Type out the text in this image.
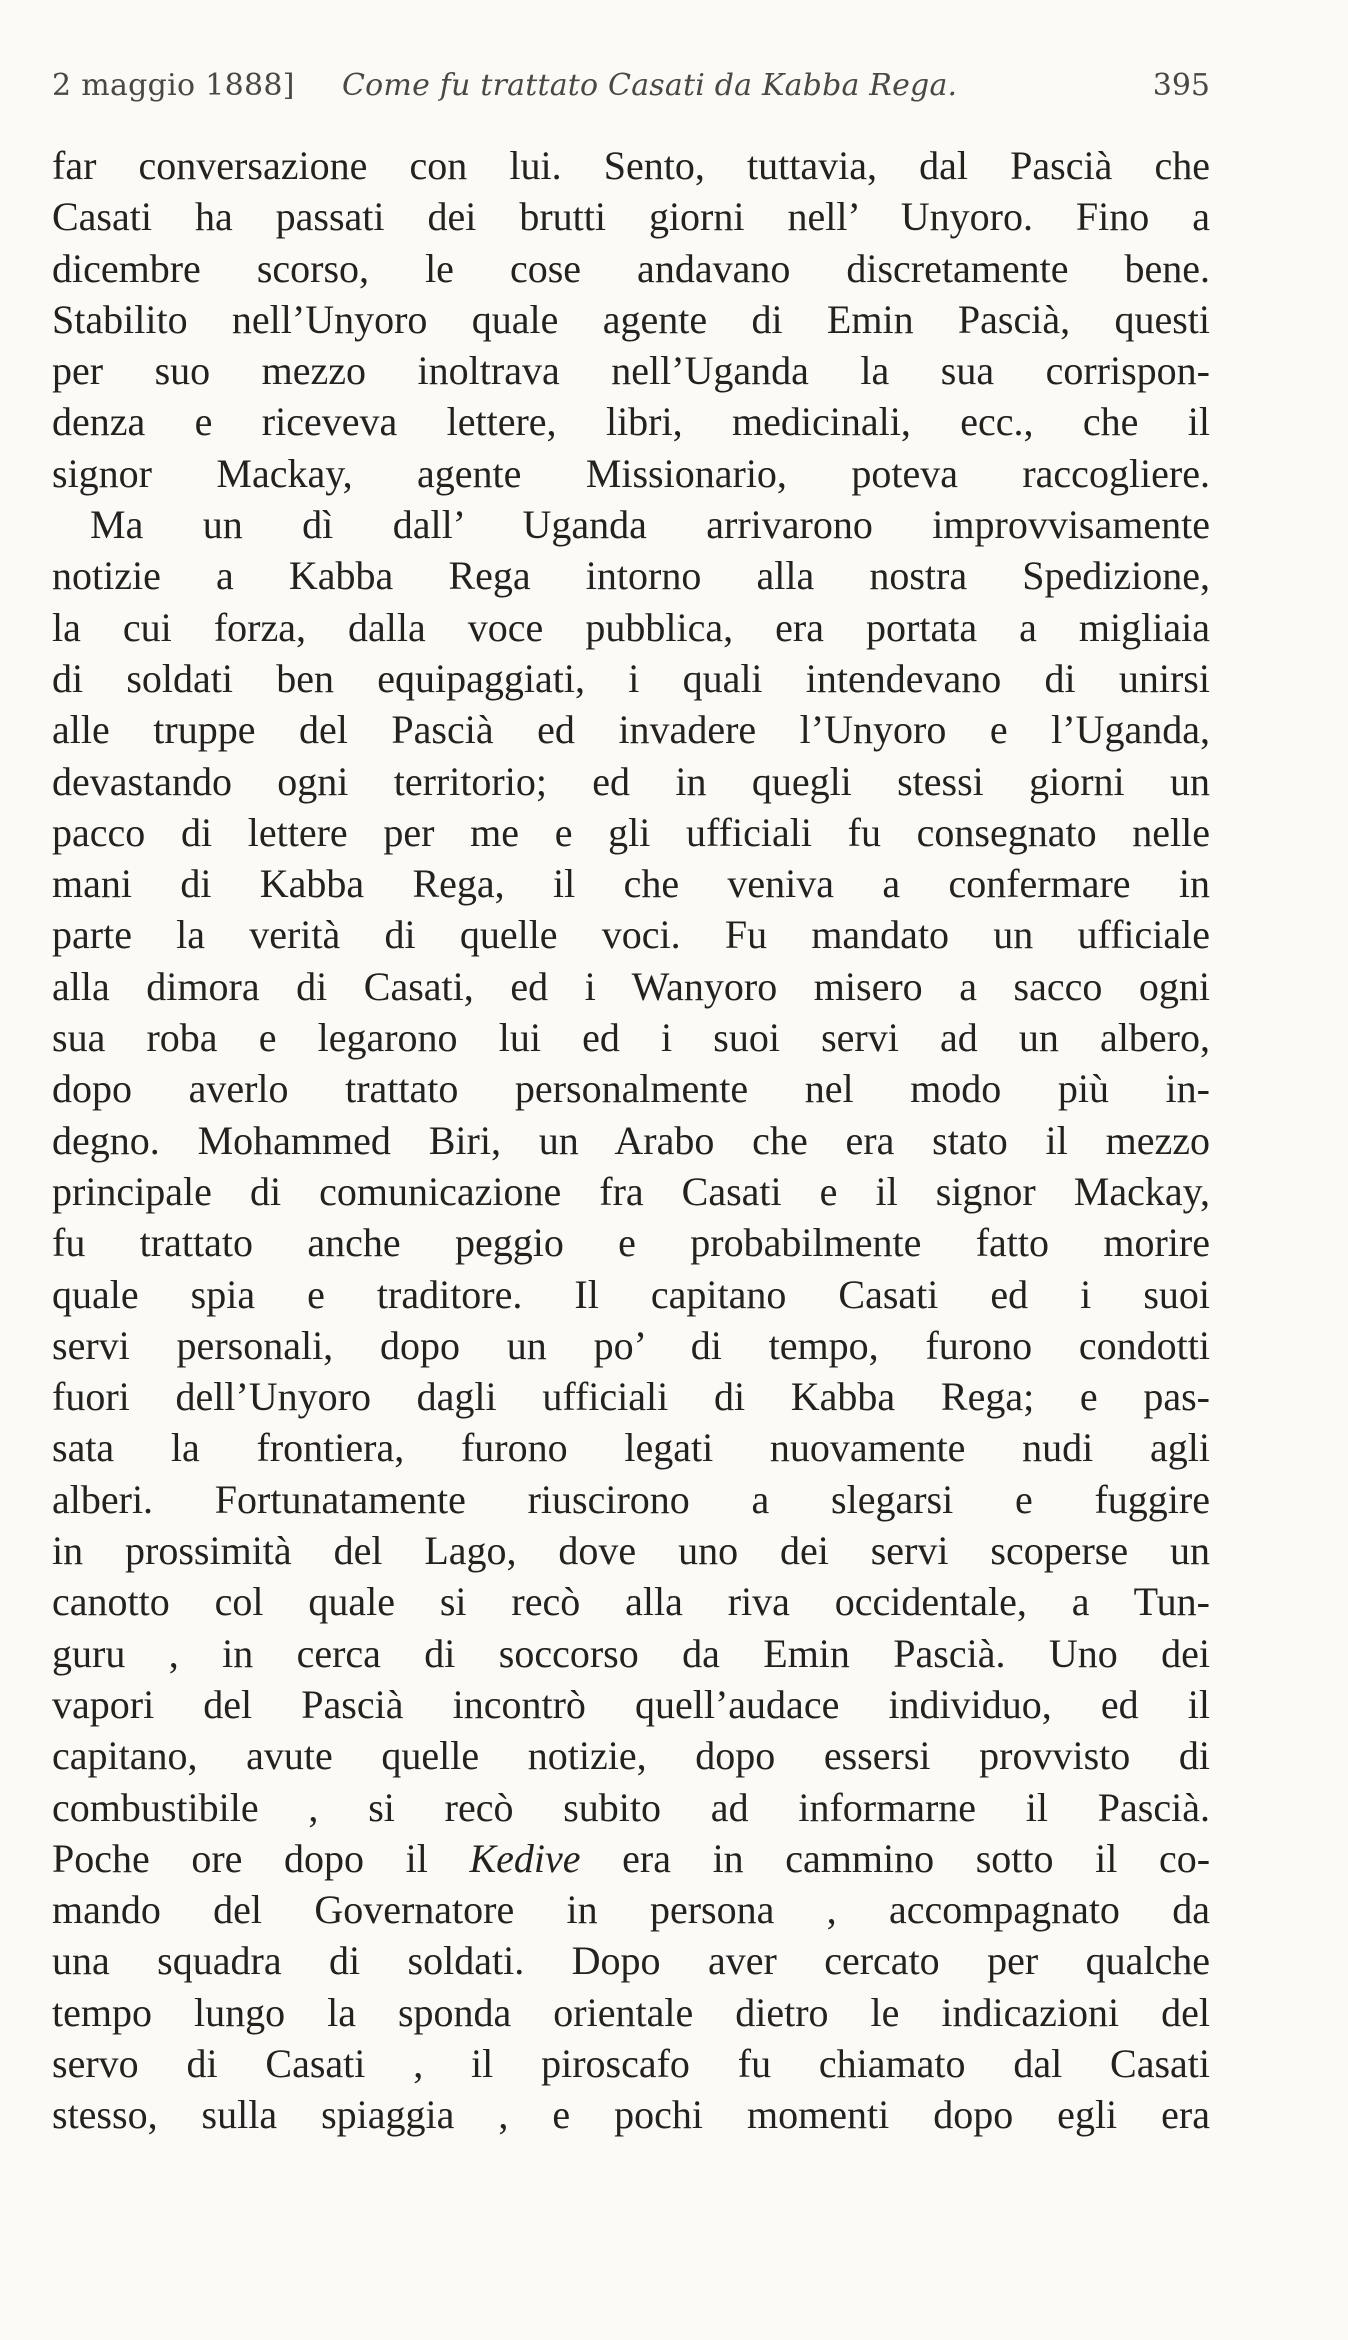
2 maggio 1888] Come fu trattato Casati da Kabba Rega.	395
far conversazione con lui. Sento, tuttavia, dal Pascià che
Casati ha passati dei brutti giorni nell’ Unyoro. Fino a
dicembre scorso, le cose andavano discretamente bene.
Stabilito nell’Unyoro quale agente di Emin Pascià, questi
per suo mezzo inoltrava nell’Uganda la sua corrispon-
denza e riceveva lettere, libri, medicinali, ecc., che il
signor Mackay, agente Missionario, poteva raccogliere.
Ma un dì dall’ Uganda arrivarono improvvisamente
notizie a Kabba Rega intorno alla nostra Spedizione,
la cui forza, dalla voce pubblica, era portata a migliaia
di soldati ben equipaggiati, i quali intendevano di unirsi
alle truppe del Pascià ed invadere l’Unyoro e l’Uganda,
devastando ogni territorio; ed in quegli stessi giorni un
pacco di lettere per me e gli ufficiali fu consegnato nelle
mani di Kabba Rega, il che veniva a confermare in
parte la verità di quelle voci. Fu mandato un ufficiale
alla dimora di Casati, ed i Wanyoro misero a sacco ogni
sua roba e legarono lui ed i suoi servi ad un albero,
dopo averlo trattato personalmente nel modo più in-
degno. Mohammed Biri, un Arabo che era stato il mezzo
principale di comunicazione fra Casati e il signor Mackay,
fu trattato anche peggio e probabilmente fatto morire
quale spia e traditore. Il capitano Casati ed i suoi
servi personali, dopo un po’ di tempo, furono condotti
fuori dell’Unyoro dagli ufficiali di Kabba Rega; e pas-
sata la frontiera, furono legati nuovamente nudi agli
alberi. Fortunatamente riuscirono a slegarsi e fuggire
in prossimità del Lago, dove uno dei servi scoperse un
canotto col quale si recò alla riva occidentale, a Tun-
guru , in cerca di soccorso da Emin Pascià. Uno dei
vapori del Pascià incontrò quell’audace individuo, ed il
capitano, avute quelle notizie, dopo essersi provvisto di
combustibile , si recò subito ad informarne il Pascià.
Poche ore dopo il Kedive era in cammino sotto il co-
mando del Governatore in persona , accompagnato da
una squadra di soldati. Dopo aver cercato per qualche
tempo lungo la sponda orientale dietro le indicazioni del
servo di Casati , il piroscafo fu chiamato dal Casati
stesso, sulla spiaggia , e pochi momenti dopo egli era
